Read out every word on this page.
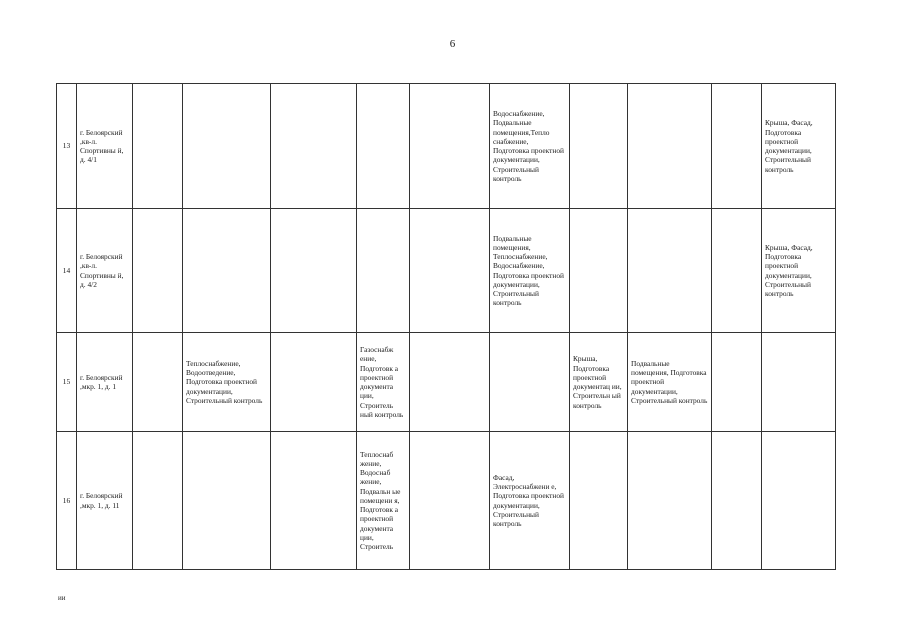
6
13	г. Белоярский ,кв-л. Спортивны й, д. 4/1						Водоснабжение, Подвальные помещения,Тепло снабжение, Подготовка проектной документации, Строительный контроль				Крыша, Фасад, Подготовка проектной документации, Строительный контроль
14	г. Белоярский ,кв-л. Спортивны й, д. 4/2						Подвальные помещения, Теплоснабжение, Водоснабжение, Подготовка проектной документации, Строительный контроль				Крыша, Фасад, Подготовка проектной документации, Строительный контроль
15	г. Белоярский ,мкр. 1, д. 1		Теплоснабжение, Водоотведение, Подготовка проектной документации, Строительный контроль		Газоснабж ение, Подготовк а проектной документа ции, Строитель ный контроль			Крыша, Подготовка проектной документац ии, Строительн ый контроль	Подвальные помещения, Подготовка проектной документации, Строительный контроль		
16	г. Белоярский ,мкр. 1, д. 11				Теплоснаб жение, Водоснаб жение, Подвальн ые помещени я, Подготовк а проектной документа ции, Строитель		Фасад, Электроснабжени е, Подготовка проектной документации, Строительный контроль				
ии
